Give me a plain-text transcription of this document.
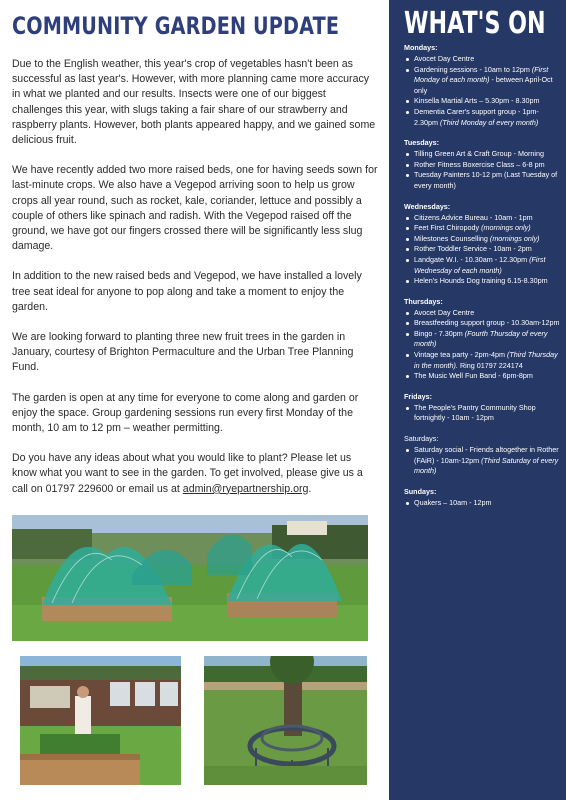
COMMUNITY GARDEN UPDATE

Due to the English weather, this year's crop of vegetables hasn't been as successful as last year's. However, with more planning came more accuracy in what we planted and our results. Insects were one of our biggest challenges this year, with slugs taking a fair share of our strawberry and raspberry plants. However, both plants appeared happy, and we gained some delicious fruit.

We have recently added two more raised beds, one for having seeds sown for last-minute crops. We also have a Vegepod arriving soon to help us grow crops all year round, such as rocket, kale, coriander, lettuce and possibly a couple of others like spinach and radish. With the Vegepod raised off the ground, we have got our fingers crossed there will be significantly less slug damage.

In addition to the new raised beds and Vegepod, we have installed a lovely tree seat ideal for anyone to pop along and take a moment to enjoy the garden.

We are looking forward to planting three new fruit trees in the garden in January, courtesy of Brighton Permaculture and the Urban Tree Planning Fund.

The garden is open at any time for everyone to come along and garden or enjoy the space. Group gardening sessions run every first Monday of the month, 10 am to 12 pm – weather permitting.

Do you have any ideas about what you would like to plant? Please let us know what you want to see in the garden. To get involved, please give us a call on 01797 229600 or email us at admin@ryepartnership.org.

WHAT'S ON
Mondays:
Avocet Day Centre
Gardening sessions - 10am to 12pm (First Monday of each month) - between April-Oct only
Kinsella Martial Arts – 5.30pm - 8.30pm
Dementia Carer's support group - 1pm-2.30pm (Third Monday of every month)
Tuesdays:
Tilling Green Art & Craft Group - Morning
Rother Fitness Boxercise Class – 6-8 pm
Tuesday Painters 10-12 pm (Last Tuesday of every month)
Wednesdays:
Citizens Advice Bureau - 10am - 1pm
Feet First Chiropody (mornings only)
Milestones Counselling (mornings only)
Rother Toddler Service - 10am - 2pm
Landgate W.I. - 10.30am - 12.30pm (First Wednesday of each month)
Helen's Hounds Dog training 6.15-8.30pm
Thursdays:
Avocet Day Centre
Breastfeeding support group - 10.30am-12pm
Bingo - 7.30pm (Fourth Thursday of every month)
Vintage tea party - 2pm-4pm (Third Thursday in the month). Ring 01797 224174
The Music Well Fun Band - 6pm-8pm
Fridays:
The People's Pantry Community Shop fortnightly - 10am - 12pm
Saturdays:
Saturday social - Friends altogether in Rother (FAiR) - 10am-12pm (Third Saturday of every month)
Sundays:
Quakers – 10am - 12pm
